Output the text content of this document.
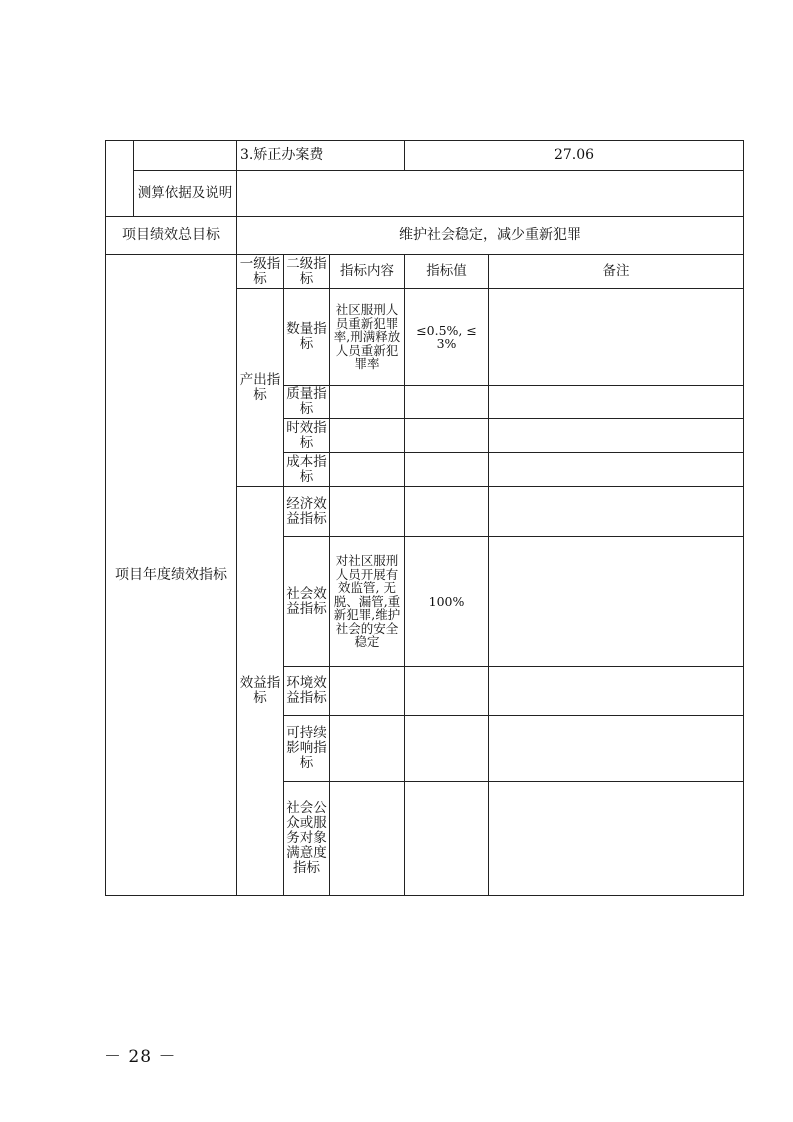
		3.矫正办案费			27.06	
	测算依据及说明					
项目绩效总目标		维护社会稳定，减少重新犯罪				
项目年度绩效指标		一级指标	二级指标	指标内容	指标值	备注
		产出指标	数量指标	社区服刑人员重新犯罪率,刑满释放人员重新犯罪率	≤0.5%, ≤ 3%	
			质量指标			
			时效指标			
			成本指标			
		效益指标	经济效益指标			
			社会效益指标	对社区服刑人员开展有效监管, 无脱、漏管,重新犯罪,维护社会的安全稳定	100%	
			环境效益指标			
			可持续影响指标			
			社会公众或服务对象满意度指标			
－ 28 －
